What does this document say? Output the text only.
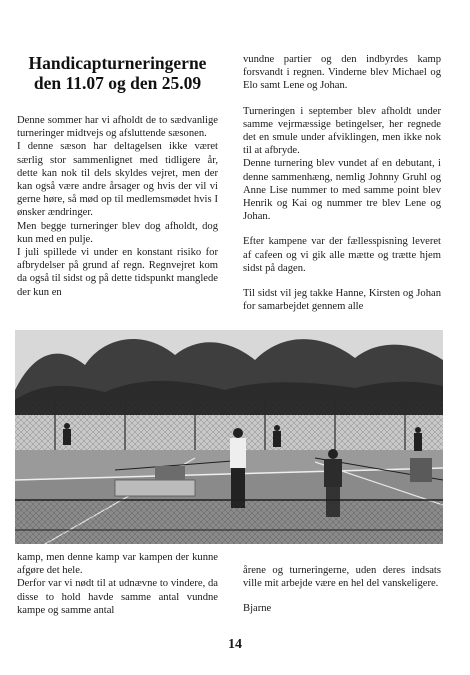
Handicapturneringerne
den 11.07 og den 25.09

Denne sommer har vi afholdt de to sædvanlige turneringer midtvejs og afsluttende sæsonen.

I denne sæson har deltagelsen ikke været særlig stor sammenlignet med tidligere år, dette kan nok til dels skyldes vejret, men der kan også være andre årsager og hvis der vil vi gerne høre, så mød op til medlemsmødet hvis I ønsker ændringer.

Men begge turneringer blev dog afholdt, dog kun med en pulje.

I juli spillede vi under en konstant risiko for afbrydelser på grund af regn. Regnvejret kom da også til sidst og på dette tidspunkt manglede der kun en

vundne partier og den indbyrdes kamp forsvandt i regnen. Vinderne blev Michael og Elo samt Lene og Johan.

Turneringen i september blev afholdt under samme vejrmæssige betingelser, her regnede det en smule under afviklingen, men ikke nok til at afbryde.

Denne turnering blev vundet af en debutant, i denne sammenhæng, nemlig Johnny Gruhl og Anne Lise nummer to med samme point blev Henrik og Kai og nummer tre blev Lene og Johan.

Efter kampene var der fællesspisning leveret af cafeen og vi gik alle mætte og trætte hjem sidst på dagen.

Til sidst vil jeg takke Hanne, Kirsten og Johan for samarbejdet gennem alle

kamp, men denne kamp var kampen der kunne afgøre det hele.

Derfor var vi nødt til at udnævne to vindere, da disse to hold havde samme antal vundne kampe og samme antal

årene og turneringerne, uden deres indsats ville mit arbejde være en hel del vanskeligere.

Bjarne

14
